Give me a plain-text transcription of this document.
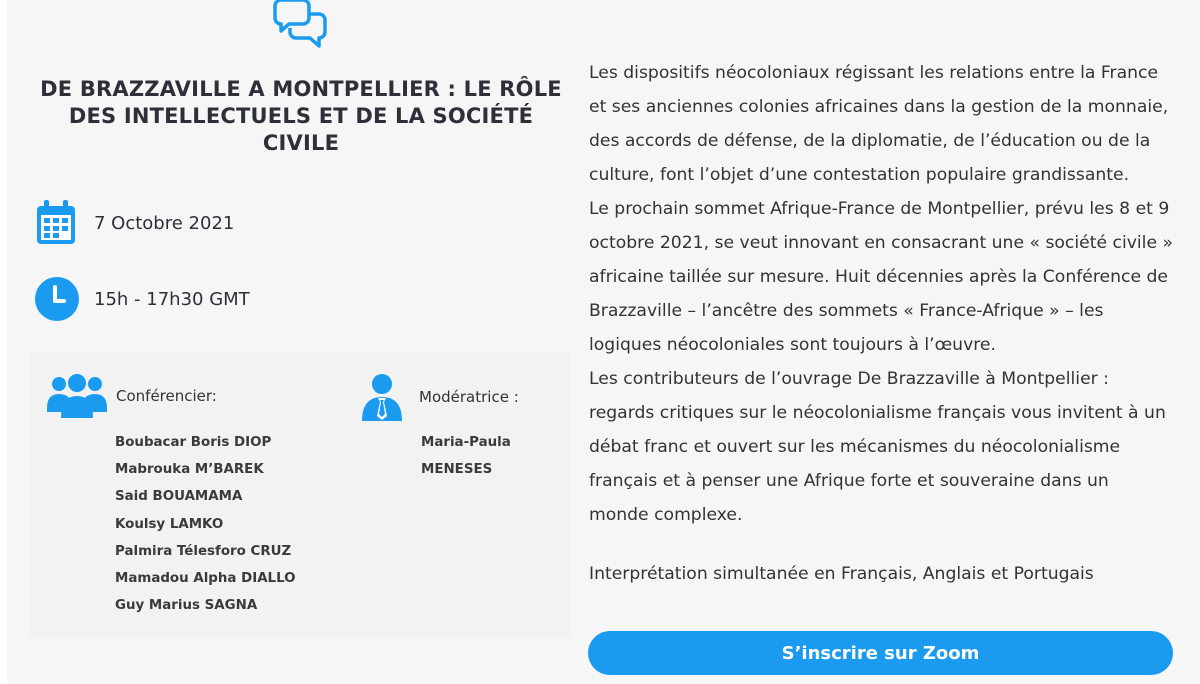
DE BRAZZAVILLE A MONTPELLIER : LE RÔLE DES INTELLECTUELS ET DE LA SOCIÉTÉ CIVILE
7 Octobre 2021
15h - 17h30 GMT
Conférencier:
Boubacar Boris DIOP
Mabrouka M’BAREK
Said BOUAMAMA
Koulsy LAMKO
Palmira Télesforo CRUZ
Mamadou Alpha DIALLO
Guy Marius SAGNA
Modératrice :
Maria-Paula
MENESES

Les dispositifs néocoloniaux régissant les relations entre la France

et ses anciennes colonies africaines dans la gestion de la monnaie,

des accords de défense, de la diplomatie, de l’éducation ou de la

culture, font l’objet d’une contestation populaire grandissante.

Le prochain sommet Afrique-France de Montpellier, prévu les 8 et 9

octobre 2021, se veut innovant en consacrant une « société civile »

africaine taillée sur mesure. Huit décennies après la Conférence de

Brazzaville – l’ancêtre des sommets « France-Afrique » – les

logiques néocoloniales sont toujours à l’œuvre.

Les contributeurs de l’ouvrage De Brazzaville à Montpellier :

regards critiques sur le néocolonialisme français vous invitent à un

débat franc et ouvert sur les mécanismes du néocolonialisme

français et à penser une Afrique forte et souveraine dans un

monde complexe.

Interprétation simultanée en Français, Anglais et Portugais
S’inscrire sur Zoom
